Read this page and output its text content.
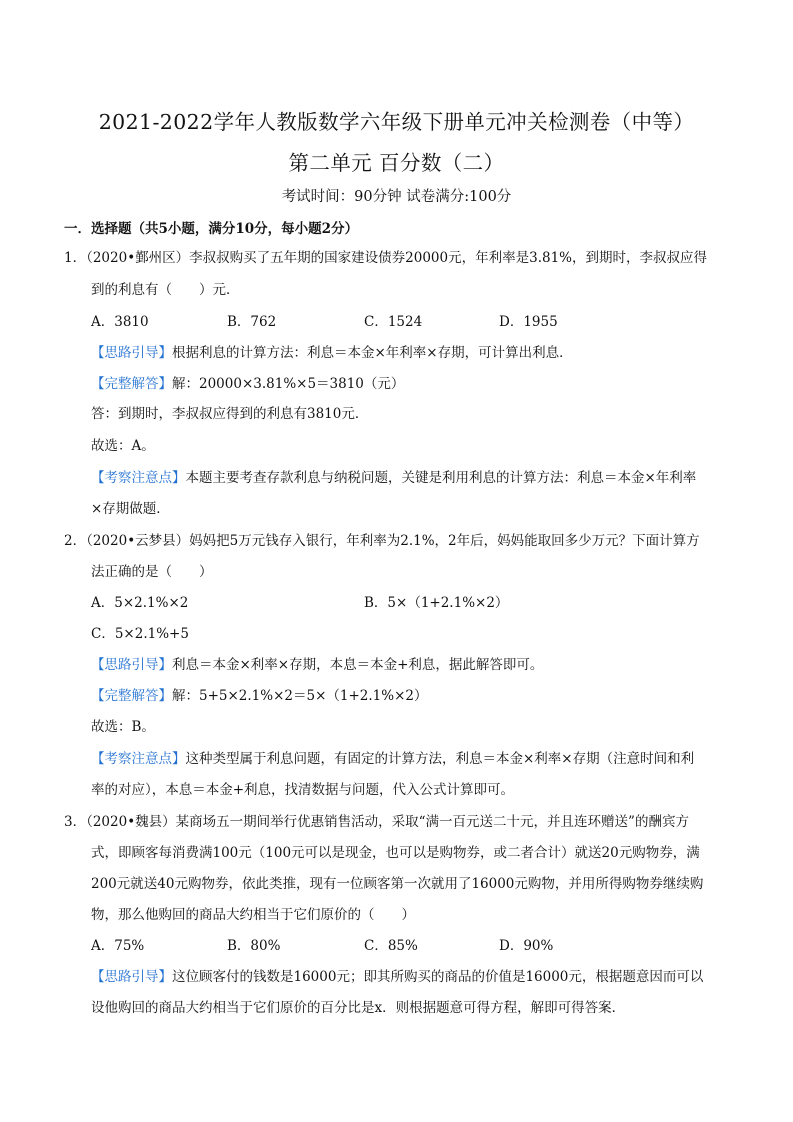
2021-2022学年人教版数学六年级下册单元冲关检测卷（中等）
第二单元 百分数（二）
考试时间：90分钟 试卷满分:100分
一．选择题（共5小题，满分10分，每小题2分）
1．（2020•鄞州区）李叔叔购买了五年期的国家建设债券20000元，年利率是3.81%，到期时，李叔叔应得
到的利息有（　　）元．
A．3810	B．762	C．1524	D．1955
【思路引导】根据利息的计算方法：利息＝本金×年利率×存期，可计算出利息．
【完整解答】解：20000×3.81%×5＝3810（元）
答：到期时，李叔叔应得到的利息有3810元．
故选：A。
【考察注意点】本题主要考查存款利息与纳税问题，关键是利用利息的计算方法：利息＝本金×年利率
×存期做题．
2．（2020•云梦县）妈妈把5万元钱存入银行，年利率为2.1%，2年后，妈妈能取回多少万元？下面计算方
法正确的是（　　）
A．5×2.1%×2	B．5×（1+2.1%×2）
C．5×2.1%+5
【思路引导】利息＝本金×利率×存期，本息＝本金+利息，据此解答即可。
【完整解答】解：5+5×2.1%×2＝5×（1+2.1%×2）
故选：B。
【考察注意点】这种类型属于利息问题，有固定的计算方法，利息＝本金×利率×存期（注意时间和利
率的对应），本息＝本金+利息，找清数据与问题，代入公式计算即可。
3．（2020•魏县）某商场五一期间举行优惠销售活动，采取“满一百元送二十元，并且连环赠送”的酬宾方
式，即顾客每消费满100元（100元可以是现金，也可以是购物券，或二者合计）就送20元购物券，满
200元就送40元购物券，依此类推，现有一位顾客第一次就用了16000元购物，并用所得购物券继续购
物，那么他购回的商品大约相当于它们原价的（　　）
A．75%	B．80%	C．85%	D．90%
【思路引导】这位顾客付的钱数是16000元；即其所购买的商品的价值是16000元，根据题意因而可以
设他购回的商品大约相当于它们原价的百分比是x．则根据题意可得方程，解即可得答案．
